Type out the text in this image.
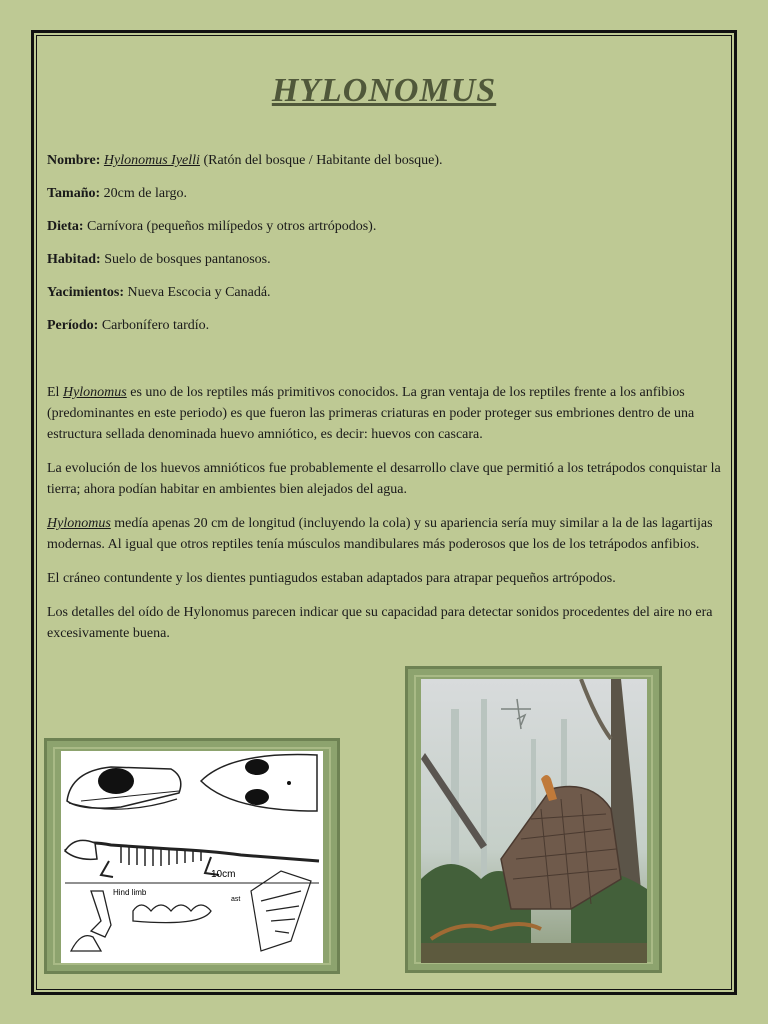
HYLONOMUS

Nombre: Hylonomus Iyelli (Ratón del bosque / Habitante del bosque).

Tamaño: 20cm de largo.

Dieta: Carnívora (pequeños milípedos y otros artrópodos).

Habitad: Suelo de bosques pantanosos.

Yacimientos: Nueva Escocia y Canadá.

Período: Carbonífero tardío.

El Hylonomus es uno de los reptiles más primitivos conocidos. La gran ventaja de los reptiles frente a los anfibios (predominantes en este periodo) es que fueron las primeras criaturas en poder proteger sus embriones dentro de una estructura sellada denominada huevo amniótico, es decir: huevos con cascara.

La evolución de los huevos amnióticos fue probablemente el desarrollo clave que permitió a los tetrápodos conquistar la tierra; ahora podían habitar en ambientes bien alejados del agua.

Hylonomus medía apenas 20 cm de longitud (incluyendo la cola) y su apariencia sería muy similar a la de las lagartijas modernas. Al igual que otros reptiles tenía músculos mandibulares más poderosos que los de los tetrápodos anfibios.

El cráneo contundente y los dientes puntiagudos estaban adaptados para atrapar pequeños artrópodos.

Los detalles del oído de Hylonomus parecen indicar que su capacidad para detectar sonidos procedentes del aire no era excesivamente buena.

10cm
Hind limb
ast
